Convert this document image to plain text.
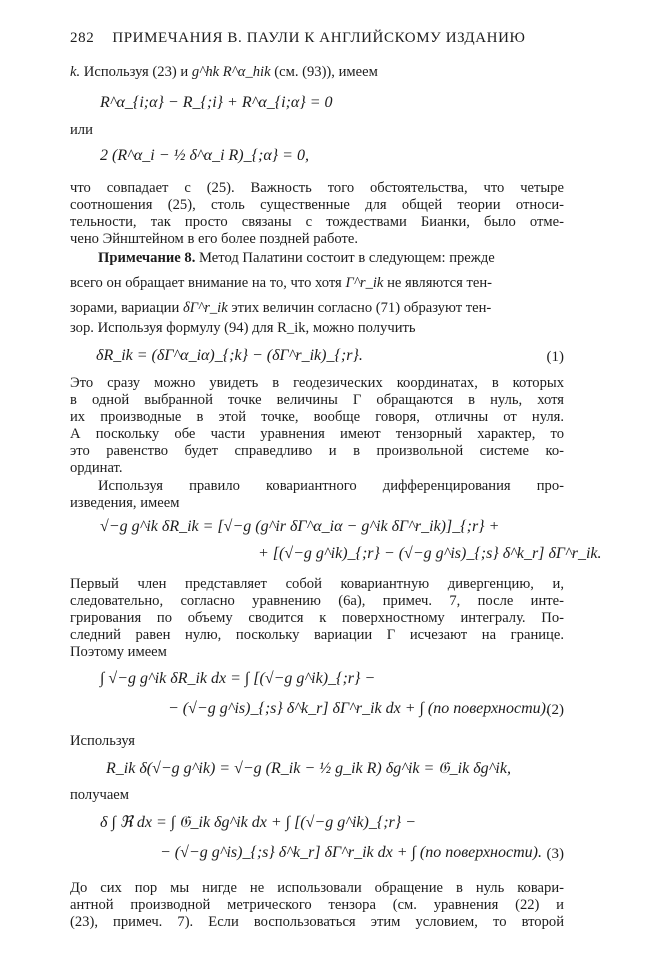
282 ПРИМЕЧАНИЯ В. ПАУЛИ К АНГЛИЙСКОМУ ИЗДАНИЮ
k. Используя (23) и g^hk R^α_hik (см. (93)), имеем
R^α_{i;α} − R_{;i} + R^α_{i;α} = 0
или
2 (R^α_i − ½ δ^α_i R)_{;α} = 0,
что совпадает с (25). Важность того обстоятельства, что четыре
соотношения (25), столь существенные для общей теории относи-
тельности, так просто связаны с тождествами Бианки, было отме-
чено Эйнштейном в его более поздней работе.
Примечание 8. Метод Палатини состоит в следующем: прежде
всего он обращает внимание на то, что хотя Γ^r_ik не являются тен-
зорами, вариации δΓ^r_ik этих величин согласно (71) образуют тен-
зор. Используя формулу (94) для R_ik, можно получить
δR_ik = (δΓ^α_iα)_{;k} − (δΓ^r_ik)_{;r}.	(1)
Это сразу можно увидеть в геодезических координатах, в которых
в одной выбранной точке величины Γ обращаются в нуль, хотя
их производные в этой точке, вообще говоря, отличны от нуля.
А поскольку обе части уравнения имеют тензорный характер, то
это равенство будет справедливо и в произвольной системе ко-
ординат.
Используя правило ковариантного дифференцирования про-
изведения, имеем
√−g g^ik δR_ik = [√−g (g^ir δΓ^α_iα − g^ik δΓ^r_ik)]_{;r} +
+ [(√−g g^ik)_{;r} − (√−g g^is)_{;s} δ^k_r] δΓ^r_ik.
Первый член представляет собой ковариантную дивергенцию, и,
следовательно, согласно уравнению (6а), примеч. 7, после инте-
грирования по объему сводится к поверхностному интегралу. По-
следний равен нулю, поскольку вариации Γ исчезают на границе.
Поэтому имеем
∫ √−g g^ik δR_ik dx = ∫ [(√−g g^ik)_{;r} −
− (√−g g^is)_{;s} δ^k_r] δΓ^r_ik dx + ∫ (по поверхности).
(2)
Используя
R_ik δ(√−g g^ik) = √−g (R_ik − ½ g_ik R) δg^ik = 𝔊_ik δg^ik,
получаем
δ ∫ ℜ dx = ∫ 𝔊_ik δg^ik dx + ∫ [(√−g g^ik)_{;r} −
− (√−g g^is)_{;s} δ^k_r] δΓ^r_ik dx + ∫ (по поверхности). (3)
До сих пор мы нигде не использовали обращение в нуль ковари-
антной производной метрического тензора (см. уравнения (22) и
(23), примеч. 7). Если воспользоваться этим условием, то второй
